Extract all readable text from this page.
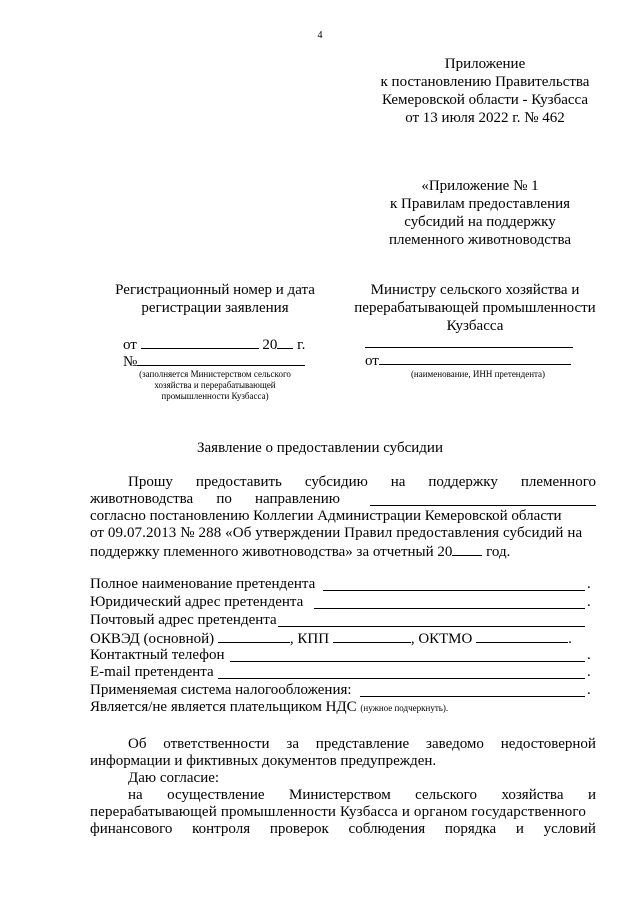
4
Приложение
к постановлению Правительства
Кемеровской области - Кузбасса
от 13 июля 2022 г. № 462
«Приложение № 1
к Правилам предоставления
субсидий на поддержку
племенного животноводства
Регистрационный номер и дата
регистрации заявления
от	20 г.
№
(заполняется Министерством сельского
хозяйства и перерабатывающей
промышленности Кузбасса)
Министру сельского хозяйства и
перерабатывающей промышленности
Кузбасса
от
(наименование, ИНН претендента)
Заявление о предоставлении субсидии
Прошу предоставить субсидию на поддержку племенного
животноводства по направлению
согласно постановлению Коллегии Администрации Кемеровской области
от 09.07.2013 № 288 «Об утверждении Правил предоставления субсидий на
поддержку племенного животноводства» за отчетный 20 год.
Полное наименование претендента	.
Юридический адрес претендента	.
Почтовый адрес претендента
ОКВЭД (основной)	, КПП	, ОКТМО	.
Контактный телефон	.
E-mail претендента	.
Применяемая система налогообложения:	.
Является/не является плательщиком НДС (нужное подчеркнуть).
Об ответственности за представление заведомо недостоверной
информации и фиктивных документов предупрежден.
Даю согласие:
на осуществление Министерством сельского хозяйства и
перерабатывающей промышленности Кузбасса и органом государственного
финансового контроля проверок соблюдения порядка и условий
